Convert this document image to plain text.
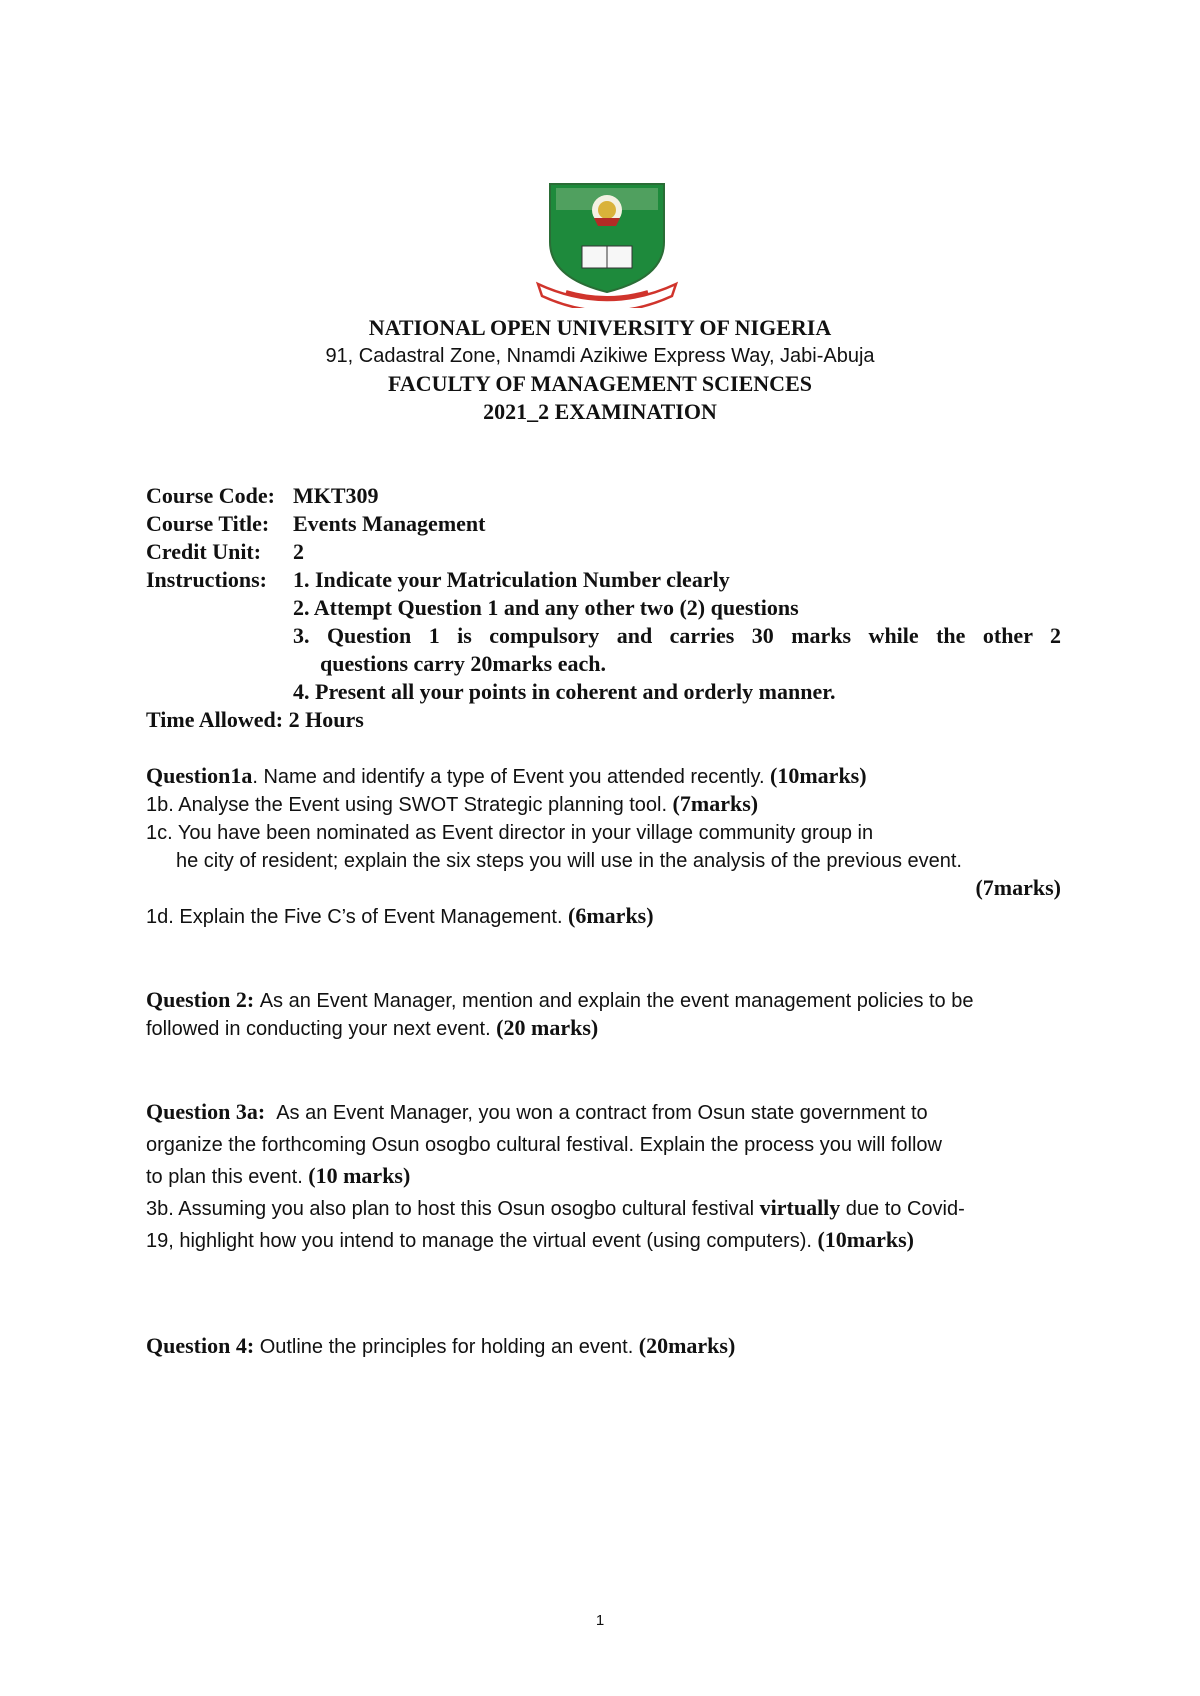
NATIONAL OPEN UNIVERSITY OF NIGERIA
91, Cadastral Zone, Nnamdi Azikiwe Express Way, Jabi-Abuja
FACULTY OF MANAGEMENT SCIENCES
2021_2 EXAMINATION
Course Code: MKT309
Course Title: Events Management
Credit Unit: 2
Instructions: 1. Indicate your Matriculation Number clearly
2. Attempt Question 1 and any other two (2) questions
3. Question 1 is compulsory and carries 30 marks while the other 2
questions carry 20marks each.
4. Present all your points in coherent and orderly manner.
Time Allowed: 2 Hours
Question1a. Name and identify a type of Event you attended recently. (10marks)
1b. Analyse the Event using SWOT Strategic planning tool. (7marks)
1c. You have been nominated as Event director in your village community group in
he city of resident; explain the six steps you will use in the analysis of the previous event.
(7marks)
1d. Explain the Five C’s of Event Management. (6marks)
Question 2: As an Event Manager, mention and explain the event management policies to be
followed in conducting your next event. (20 marks)
Question 3a: As an Event Manager, you won a contract from Osun state government to
organize the forthcoming Osun osogbo cultural festival. Explain the process you will follow
to plan this event. (10 marks)
3b. Assuming you also plan to host this Osun osogbo cultural festival virtually due to Covid-
19, highlight how you intend to manage the virtual event (using computers). (10marks)
Question 4: Outline the principles for holding an event. (20marks)
1
